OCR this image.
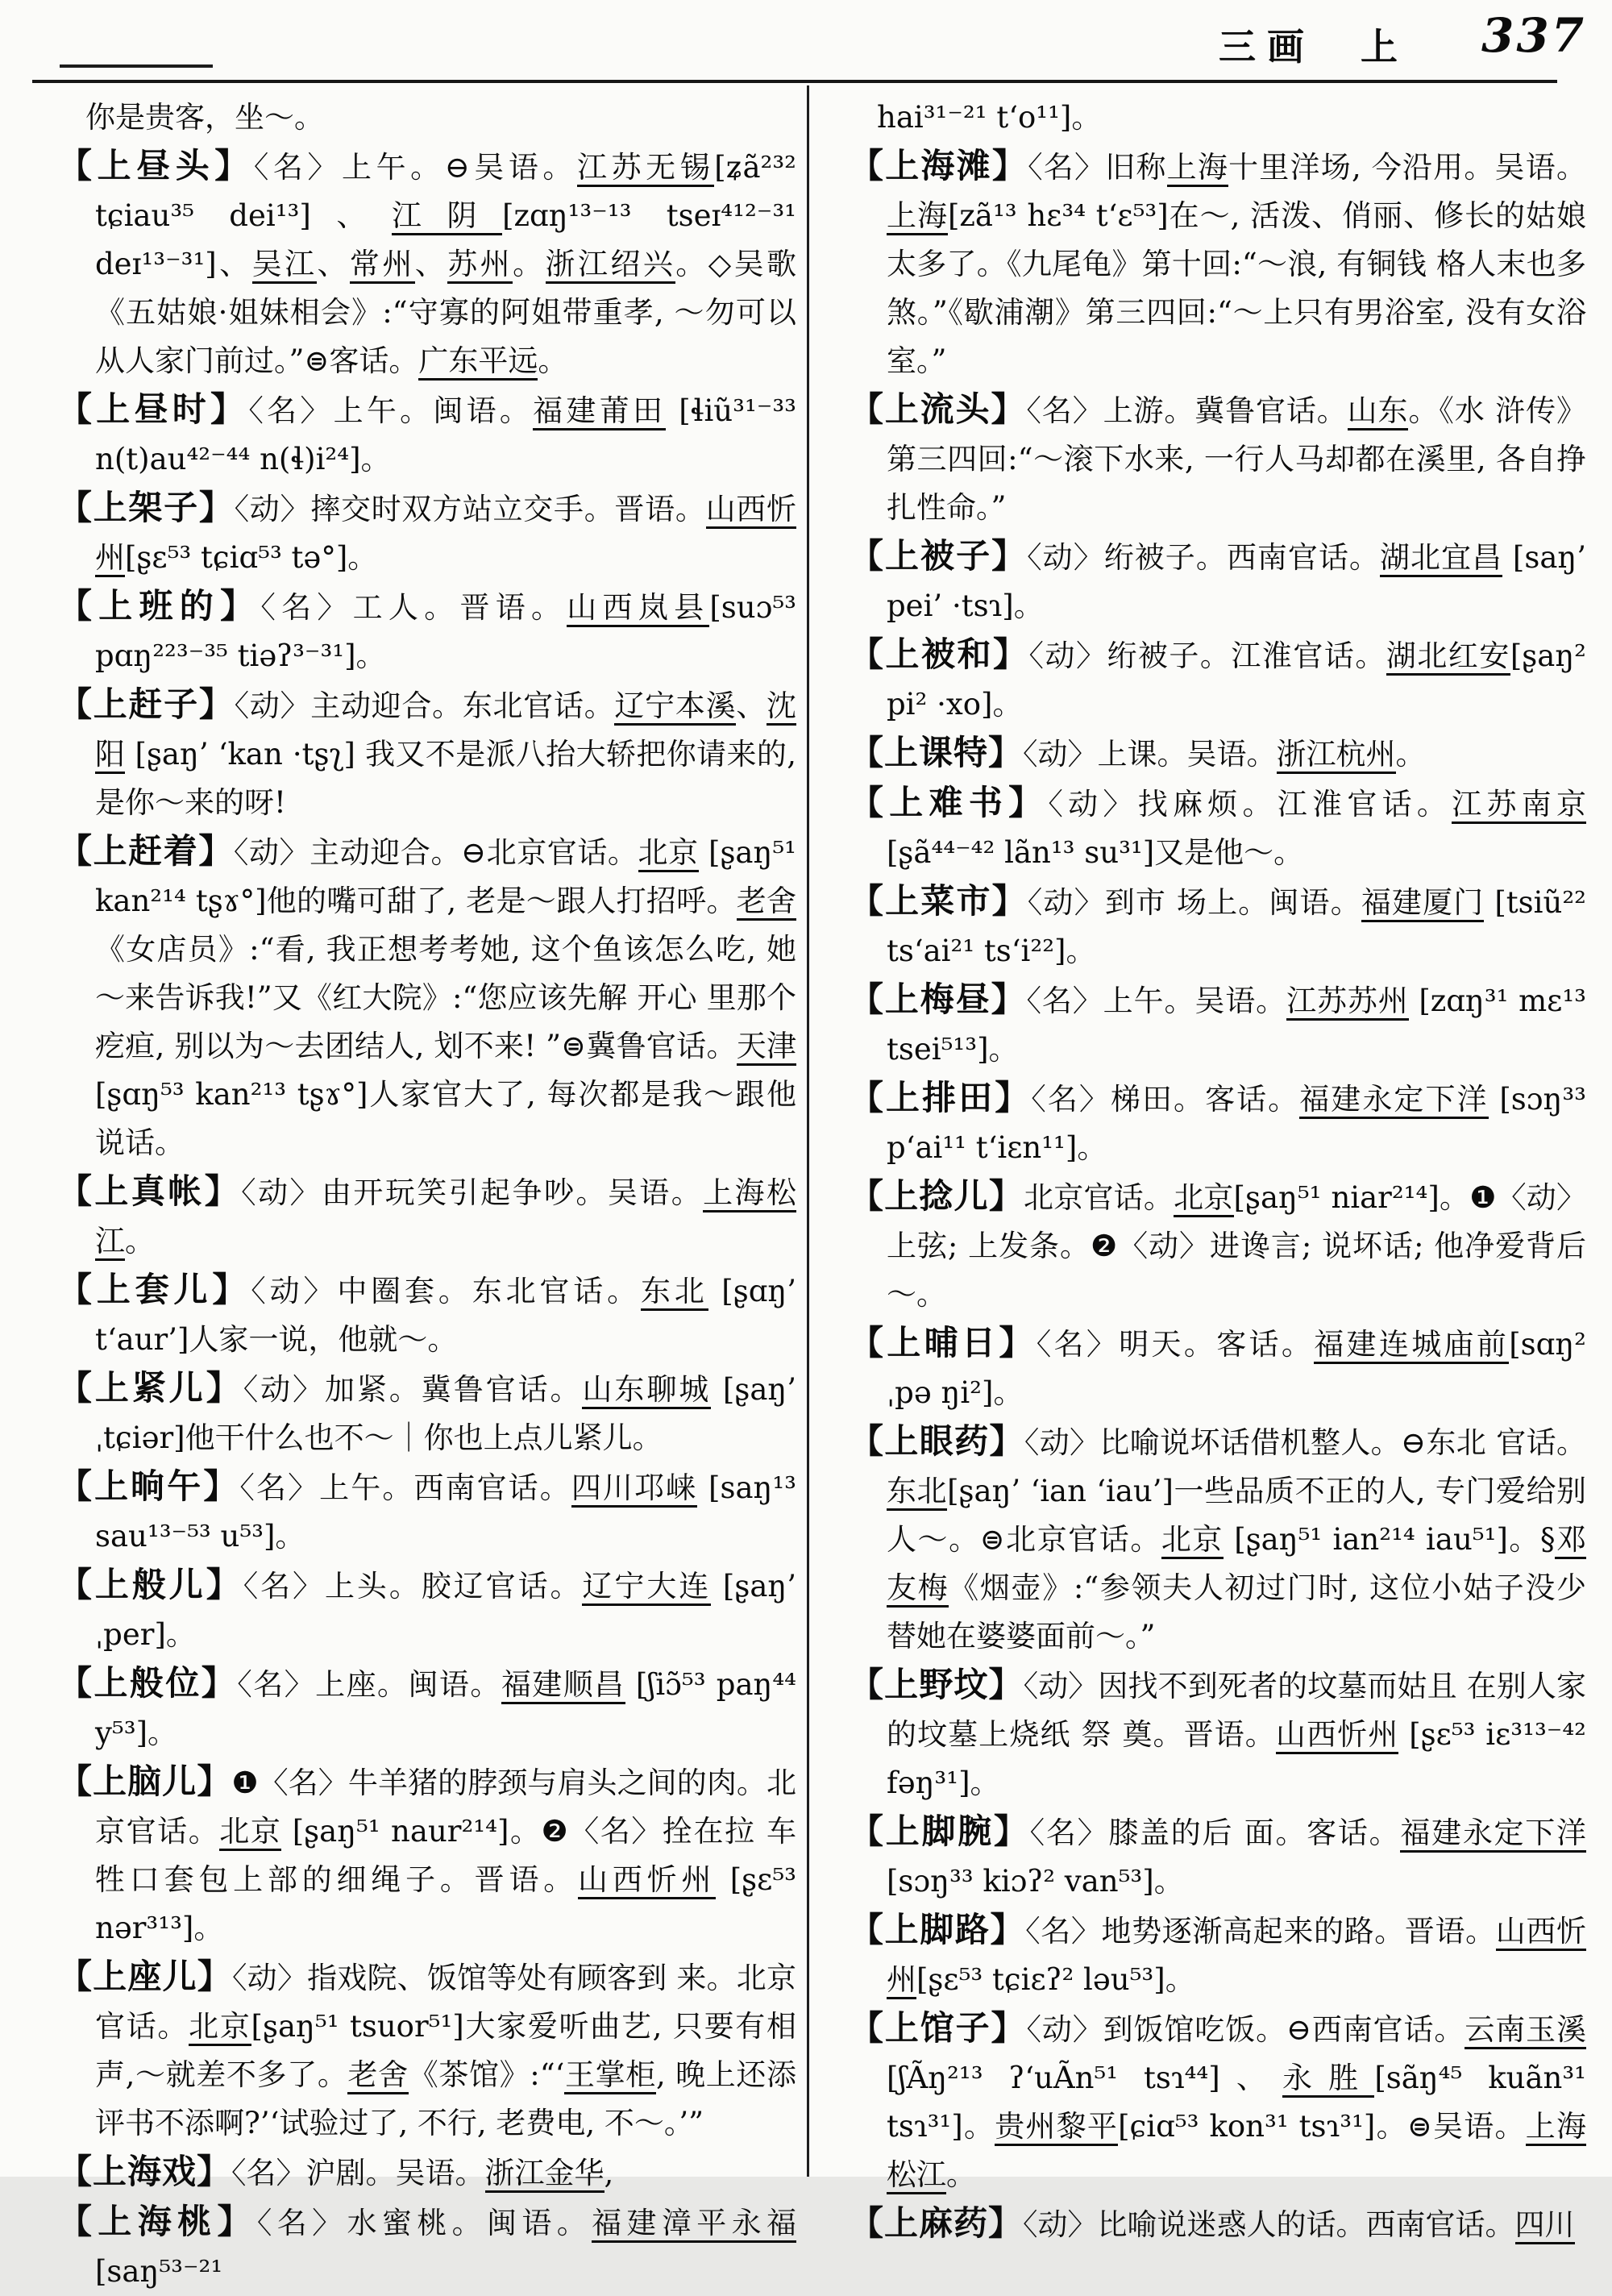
三画 上 337
你是贵客，坐～。
【上昼头】〈名〉上午。⊖吴语。江苏无锡[ʑã²³² tɕiau³⁵ dei¹³]、江阴[zɑŋ¹³⁻¹³ tseɪ⁴¹²⁻³¹ deɪ¹³⁻³¹]、吴江、常州、苏州。浙江绍兴。◇吴歌《五姑娘·姐妹相会》:“守寡的阿姐带重孝, ～勿可以从人家门前过。”⊜客话。广东平远。
【上昼时】〈名〉上午。闽语。福建莆田 [ɬiũ³¹⁻³³ n(t)au⁴²⁻⁴⁴ n(ɬ)i²⁴]。
【上架子】〈动〉摔交时双方站立交手。晋语。山西忻州[ʂɛ⁵³ tɕiɑ⁵³ tə°]。
【上班的】〈名〉工人。晋语。山西岚县[suɔ⁵³ pɑŋ²²³⁻³⁵ tiəʔ³⁻³¹]。
【上赶子】〈动〉主动迎合。东北官话。辽宁本溪、沈阳 [ʂaŋ’ ‘kan ·tʂʅ] 我又不是派八抬大轿把你请来的, 是你～来的呀!
【上赶着】〈动〉主动迎合。⊖北京官话。北京 [ʂaŋ⁵¹ kan²¹⁴ tʂɤ°]他的嘴可甜了, 老是～跟人打招呼。老舍《女店员》:“看, 我正想考考她, 这个鱼该怎么吃, 她～来告诉我!”又《红大院》:“您应该先解 开心 里那个疙疸, 别以为～去团结人, 划不来! ”⊜冀鲁官话。天津[ʂɑŋ⁵³ kan²¹³ tʂɤ°]人家官大了, 每次都是我～跟他说话。
【上真帐】〈动〉由开玩笑引起争吵。吴语。上海松江。
【上套儿】〈动〉中圈套。东北官话。东北 [ʂɑŋ’ t‘aur’]人家一说，他就～。
【上紧儿】〈动〉加紧。冀鲁官话。山东聊城 [ʂaŋ’ ˌtɕiər]他干什么也不～｜你也上点儿紧儿。
【上晌午】〈名〉上午。西南官话。四川邛崃 [saŋ¹³ sau¹³⁻⁵³ u⁵³]。
【上般儿】〈名〉上头。胶辽官话。辽宁大连 [ʂaŋ’ ˌper]。
【上般位】〈名〉上座。闽语。福建顺昌 [ʃiɔ̃⁵³ paŋ⁴⁴ y⁵³]。
【上脑儿】❶〈名〉牛羊猪的脖颈与肩头之间的肉。北京官话。北京 [ʂaŋ⁵¹ naur²¹⁴]。❷〈名〉拴在拉 车牲口套包上部的细绳子。晋语。山西忻州 [ʂɛ⁵³ nər³¹³]。
【上座儿】〈动〉指戏院、饭馆等处有顾客到 来。北京官话。北京[ʂaŋ⁵¹ tsuor⁵¹]大家爱听曲艺, 只要有相声,～就差不多了。老舍《茶馆》:“‘王掌柜, 晚上还添评书不添啊?’‘试验过了, 不行, 老费电, 不～。’”
【上海戏】〈名〉沪剧。吴语。浙江金华,
【上海桃】〈名〉水蜜桃。闽语。福建漳平永福[saŋ⁵³⁻²¹
hai³¹⁻²¹ t‘o¹¹]。
【上海滩】〈名〉旧称上海十里洋场, 今沿用。吴语。上海[zã¹³ hɛ³⁴ t‘ɛ⁵³]在～, 活泼、俏丽、修长的姑娘太多了。《九尾龟》第十回:“～浪, 有铜钱 格人末也多煞。”《歇浦潮》第三四回:“～上只有男浴室, 没有女浴室。”
【上流头】〈名〉上游。冀鲁官话。山东。《水 浒传》第三四回:“～滚下水来, 一行人马却都在溪里, 各自挣扎性命。”
【上被子】〈动〉绗被子。西南官话。湖北宜昌 [saŋ’ pei’ ·tsɿ]。
【上被和】〈动〉绗被子。江淮官话。湖北红安[ʂaŋ² pi² ·xo]。
【上课特】〈动〉上课。吴语。浙江杭州。
【上难书】〈动〉找麻烦。江淮官话。江苏南京[ʂã⁴⁴⁻⁴² lãn¹³ su³¹]又是他～。
【上菜市】〈动〉到市 场上。闽语。福建厦门 [tsiũ²² ts‘ai²¹ ts‘i²²]。
【上梅昼】〈名〉上午。吴语。江苏苏州 [zɑŋ³¹ mɛ¹³ tsei⁵¹³]。
【上排田】〈名〉梯田。客话。福建永定下洋 [sɔŋ³³ p‘ai¹¹ t‘iɛn¹¹]。
【上捻儿】北京官话。北京[ʂaŋ⁵¹ niar²¹⁴]。❶〈动〉上弦; 上发条。❷〈动〉进谗言; 说坏话; 他净爱背后～。
【上晡日】〈名〉明天。客话。福建连城庙前[sɑŋ² ˌpə ŋi²]。
【上眼药】〈动〉比喻说坏话借机整人。⊖东北 官话。东北[ʂaŋ’ ‘ian ‘iau’]一些品质不正的人, 专门爱给别人～。⊜北京官话。北京 [ʂaŋ⁵¹ ian²¹⁴ iau⁵¹]。§邓友梅《烟壶》:“参领夫人初过门时, 这位小姑子没少替她在婆婆面前～。”
【上野坟】〈动〉因找不到死者的坟墓而姑且 在别人家的坟墓上烧纸 祭 奠。晋语。山西忻州 [ʂɛ⁵³ iɛ³¹³⁻⁴² fəŋ³¹]。
【上脚腕】〈名〉膝盖的后 面。客话。福建永定下洋 [sɔŋ³³ kiɔʔ² van⁵³]。
【上脚路】〈名〉地势逐渐高起来的路。晋语。山西忻州[ʂɛ⁵³ tɕiɛʔ² ləu⁵³]。
【上馆子】〈动〉到饭馆吃饭。⊖西南官话。云南玉溪[ʃÃŋ²¹³ ʔ‘uÃn⁵¹ tsɿ⁴⁴]、永胜[sãŋ⁴⁵ kuãn³¹ tsɿ³¹]。贵州黎平[ɕiɑ⁵³ kon³¹ tsɿ³¹]。⊜吴语。上海松江。
【上麻药】〈动〉比喻说迷惑人的话。西南官话。四川
